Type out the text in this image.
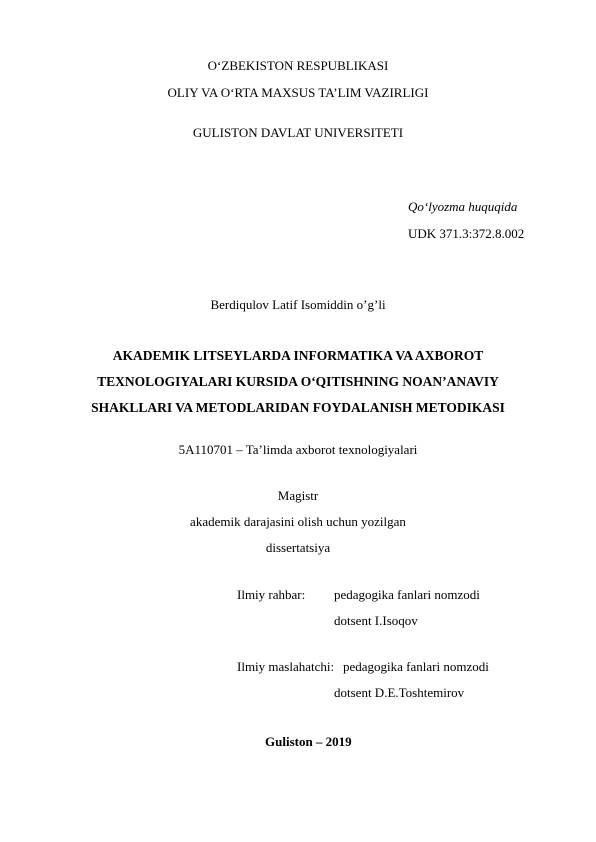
O‘ZBEKISTON RESPUBLIKASI
OLIY VA O‘RTA MAXSUS TA’LIM VAZIRLIGI
GULISTON DAVLAT UNIVERSITETI
Qo‘lyozma huquqida
UDK 371.3:372.8.002
Berdiqulov Latif Isomiddin o’g’li
AKADEMIK LITSEYLARDA INFORMATIKA VA AXBOROT
TEXNOLOGIYALARI KURSIDA O‘QITISHNING NOAN’ANAVIY
SHAKLLARI VA METODLARIDAN FOYDALANISH METODIKASI
5A110701 – Ta’limda axborot texnologiyalari
Magistr
akademik darajasini olish uchun yozilgan
dissertatsiya
Ilmiy rahbar: pedagogika fanlari nomzodi
dotsent I.Isoqov
Ilmiy maslahatchi: pedagogika fanlari nomzodi
dotsent D.E.Toshtemirov
Guliston – 2019
